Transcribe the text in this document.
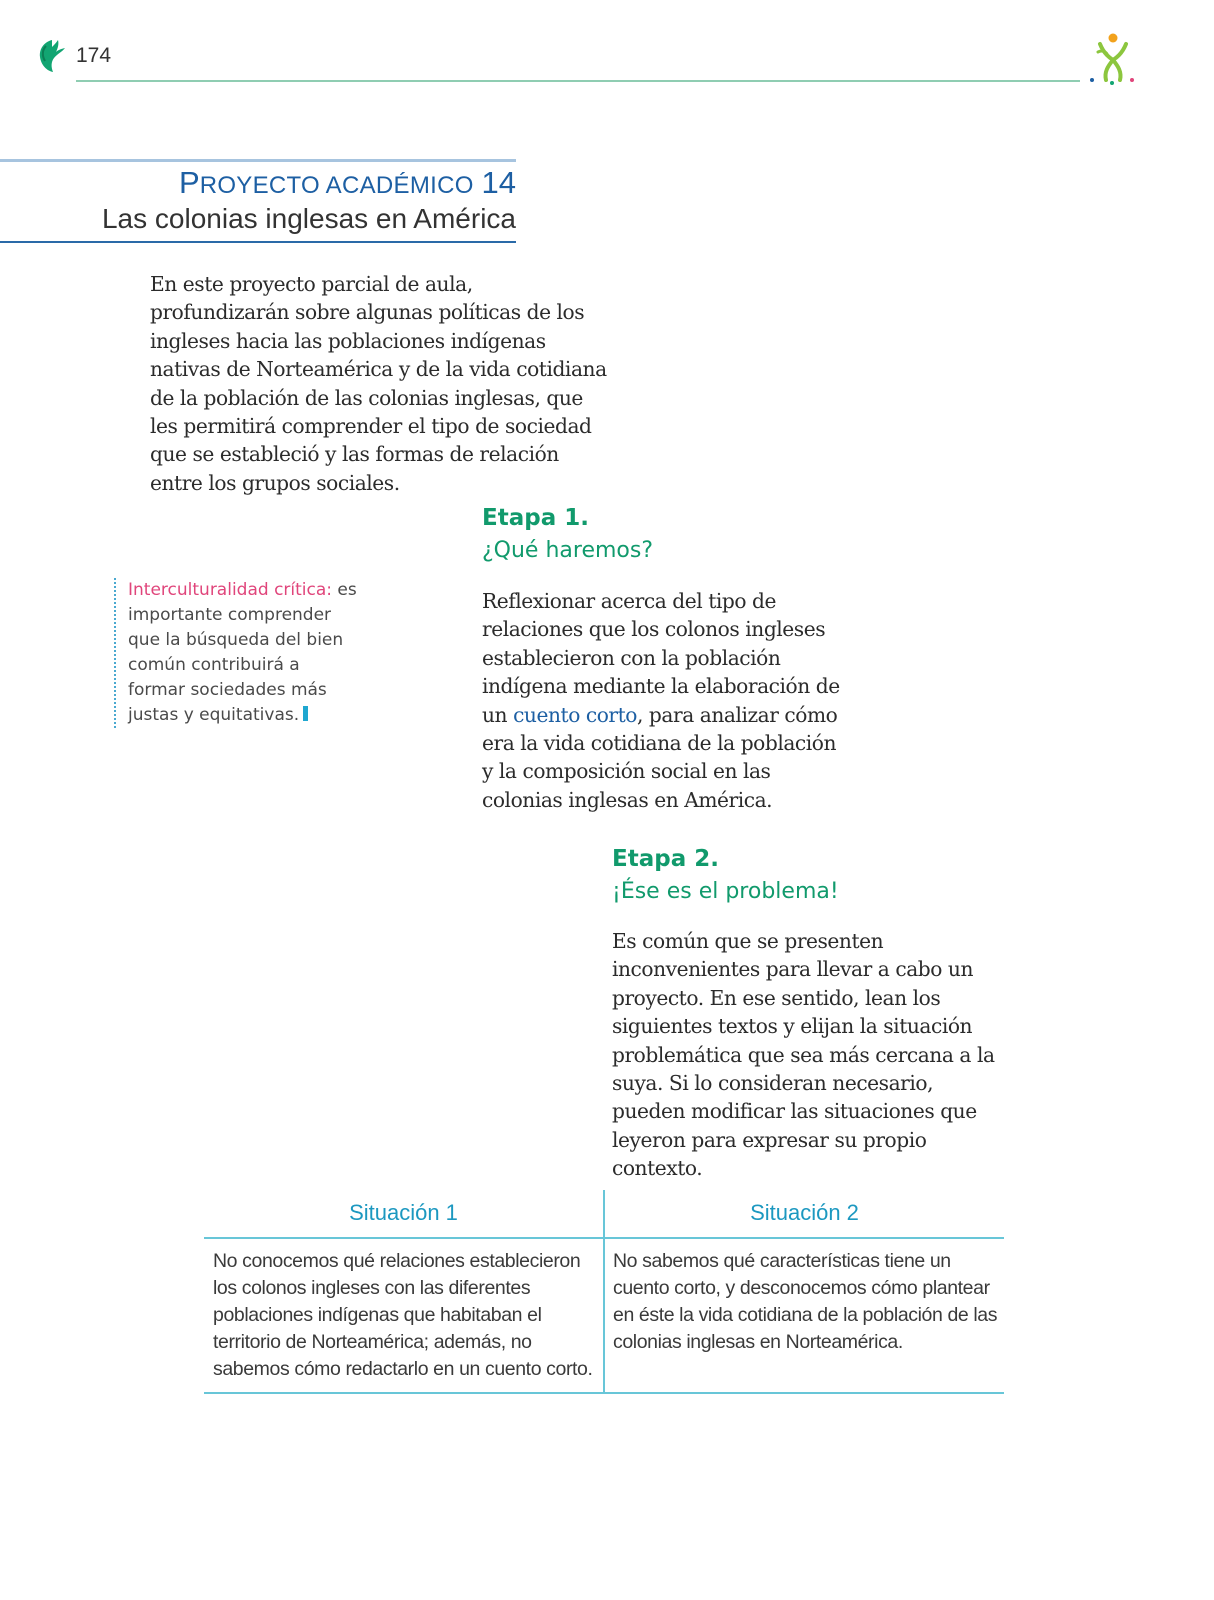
174
PROYECTO ACADÉMICO 14
Las colonias inglesas en América
En este proyecto parcial de aula, profundizarán sobre algunas políticas de los ingleses hacia las poblaciones indígenas nativas de Norteamérica y de la vida cotidiana de la población de las colonias inglesas, que les permitirá comprender el tipo de sociedad que se estableció y las formas de relación entre los grupos sociales.
Interculturalidad crítica: es importante comprender que la búsqueda del bien común contribuirá a formar sociedades más justas y equitativas.
Etapa 1.
¿Qué haremos?
Reflexionar acerca del tipo de relaciones que los colonos ingleses establecieron con la población indígena mediante la elaboración de un cuento corto, para analizar cómo era la vida cotidiana de la población y la composición social en las colonias inglesas en América.
Etapa 2.
¡Ése es el problema!
Es común que se presenten inconvenientes para llevar a cabo un proyecto. En ese sentido, lean los siguientes textos y elijan la situación problemática que sea más cercana a la suya. Si lo consideran necesario, pueden modificar las situaciones que leyeron para expresar su propio contexto.
Situación 1	Situación 2
No conocemos qué relaciones establecieron los colonos ingleses con las diferentes poblaciones indígenas que habitaban el territorio de Norteamérica; además, no sabemos cómo redactarlo en un cuento corto.
No sabemos qué características tiene un cuento corto, y desconocemos cómo plantear en éste la vida cotidiana de la población de las colonias inglesas en Norteamérica.
